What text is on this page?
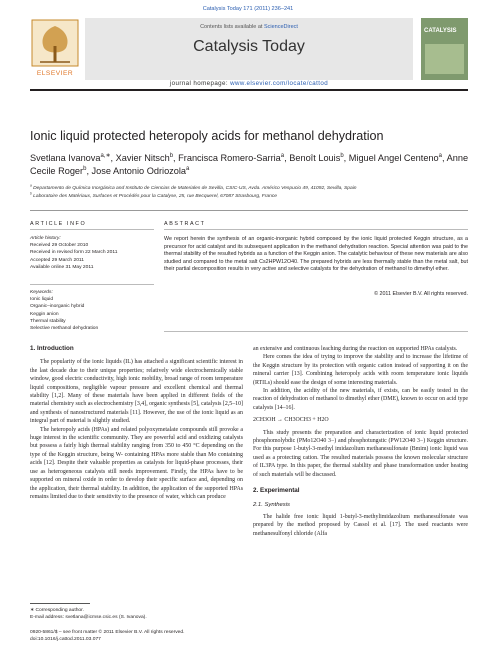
Catalysis Today 171 (2011) 236–241
ELSEVIER
Contents lists available at ScienceDirect
Catalysis Today
CATALYSIS
journal homepage: www.elsevier.com/locate/cattod
Ionic liquid protected heteropoly acids for methanol dehydration
Svetlana Ivanova$^{a,∗}$, Xavier Nitsch$^b$, Francisca Romero-Sarria$^a$, Benoît Louis$^b$, Miguel Angel Centeno$^a$, Anne Cecile Roger$^b$, Jose Antonio Odriozola$^a$
$^a$ Departamento de Química Inorgánica and Instituto de Ciencias de Materiales de Sevilla, CSIC-US, Avda. Américo Vespucio 49, 41092, Sevilla, Spain
$^b$ Laboratoire des Matériaux, Surfaces et Procédés pour la Catalyse, 25, rue Becquerel, 67087 Strasbourg, France
ARTICLE INFO	ABSTRACT
Article history:
Received 29 October 2010
Received in revised form 22 March 2011
Accepted 29 March 2011
Available online 31 May 2011
Keywords:
Ionic liquid
Organic–inorganic hybrid
Keggin anion
Thermal stability
Selective methanol dehydration
We report herein the synthesis of an organic-inorganic hybrid composed by the ionic liquid protected Keggin structure, as a precursor for acid catalyst and its subsequent application in the methanol dehydration reaction. Special attention was paid to the thermal stability of the resulted hybrids as a function of the Keggin anion. The catalytic behaviour of these new materials are also studied and compared to the metal salt Cs2HPW12O40. The prepared hybrids are less thermally stable than the metal salt, but their partial decomposition results in very active and selective catalysts for the dehydration of methanol to dimethyl ether.
© 2011 Elsevier B.V. All rights reserved.
1. Introduction

The popularity of the ionic liquids (IL) has attached a significant scientific interest in the last decade due to their unique properties; relatively wide electrochemically stable window, good electric conductivity, high ionic mobility, broad range of room temperature liquid compositions, negligible vapour pressure and excellent chemical and thermal stability [1,2]. Many of these materials have been applied in different fields of the material chemistry such as electrochemistry [3,4], organic synthesis [5], catalysis [2,5–10] and synthesis of nanostructured materials [11]. However, the use of the ionic liquid as an integral part of material is slightly studied.

The heteropoly acids (HPAs) and related polyoxymetalate compounds still provoke a huge interest in the scientific community. They are powerful acid and oxidizing catalysts but possess a fairly high thermal stability ranging from 350 to 450 °C depending on the type of the Keggin structure, being W- containing HPAs more stable than Mo containing acids [12]. Despite their valuable properties as catalysts for liquid-phase processes, their use as heterogeneous catalysts still needs improvement. Firstly, the HPAs have to be supported on mineral oxide in order to develop their specific surface and, depending on the application, their thermal stability. In addition, the application of the supported HPAs remains limited due to their sensitivity to the presence of water, which can produce

an extensive and continuous leaching during the reaction on supported HPAs catalysts.

Here comes the idea of trying to improve the stability and to increase the lifetime of the Keggin structure by its protection with organic cation instead of supporting it on the mineral carrier [13]. Combining heteropoly acids with room temperature ionic liquids (RTILs) should ease the design of some interesting materials.

In addition, the acidity of the new materials, if exists, can be easily tested in the reaction of dehydration of methanol to dimethyl ether (DME), known to occur on acid type catalysts [14–16].

2CH3OH → CH3OCH3 + H2O

This study presents the preparation and characterization of ionic liquid protected phosphomolybdic (PMo12O40 3−) and phosphotungstic (PW12O40 3−) Keggin structure. For this purpose 1-butyl-3-methyl imidazolium methanesulfonate (Bmim) ionic liquid was used as a protecting cation. The resulted materials possess the known molecular structure of IL3PA type. In this paper, the thermal stability and phase transformation under heating of such materials will be discussed.

2. Experimental
2.1. Synthesis

The halide free ionic liquid 1-butyl-3-methylimidazolium methanesulfonate was prepared by the method proposed by Cassol et al. [17]. The used reactants were methanesulfonyl chloride (Alfa

∗ Corresponding author.
E-mail address: svetlana@icmse.csic.es (S. Ivanova).
0920-5861/$ – see front matter © 2011 Elsevier B.V. All rights reserved.
doi:10.1016/j.cattod.2011.03.077
